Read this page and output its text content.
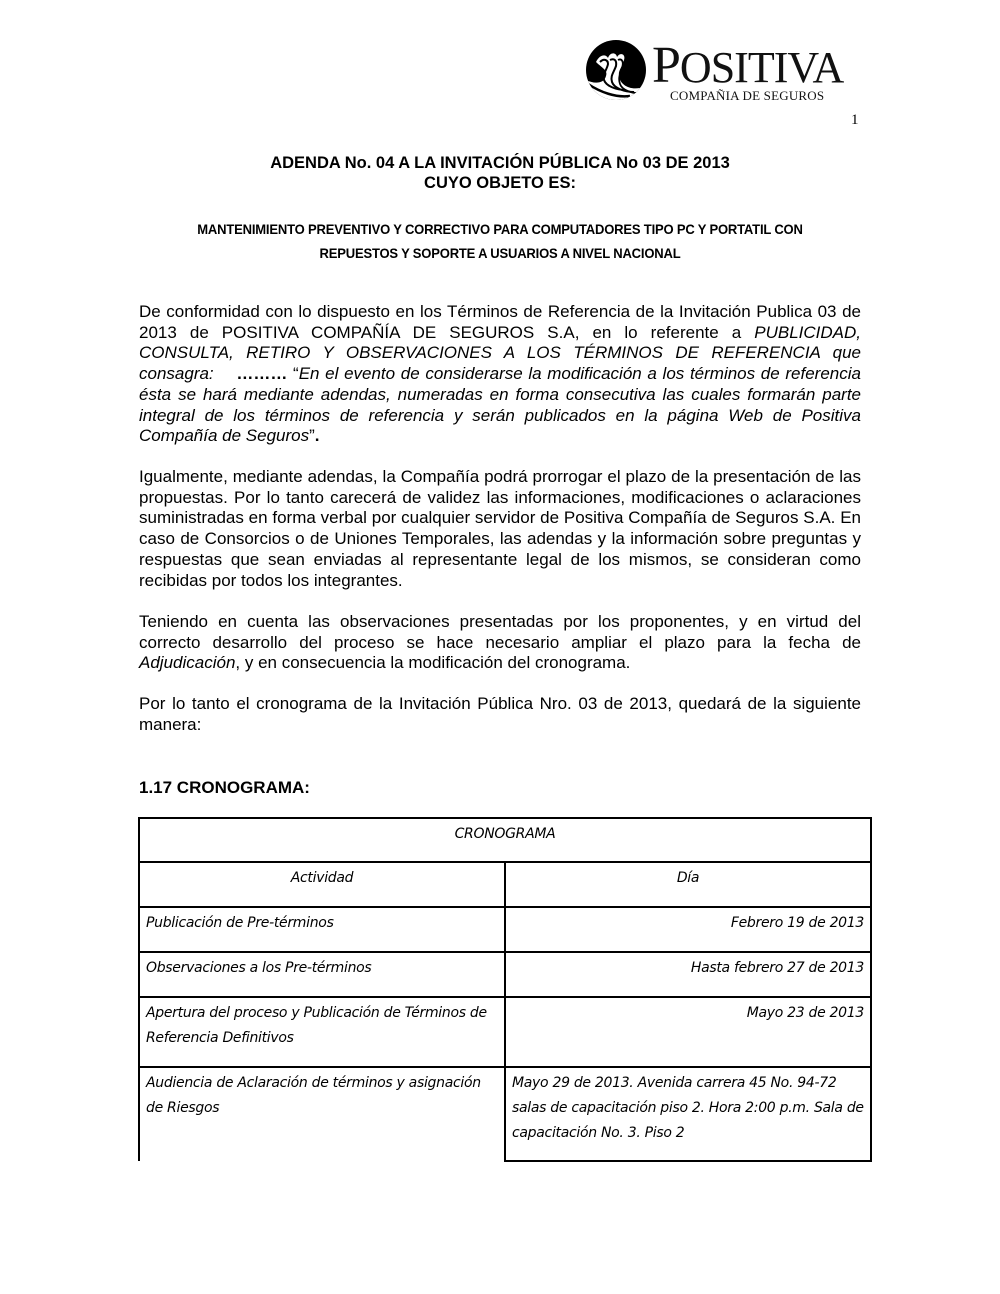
POSITIVA
COMPAÑIA DE SEGUROS
1
ADENDA No. 04 A LA INVITACIÓN PÚBLICA No 03 DE 2013
CUYO OBJETO ES:
MANTENIMIENTO PREVENTIVO Y CORRECTIVO PARA COMPUTADORES TIPO PC Y PORTATIL CON
REPUESTOS Y SOPORTE A USUARIOS A NIVEL NACIONAL
De conformidad con lo dispuesto en los Términos de Referencia de la Invitación Publica 03 de 2013 de POSITIVA COMPAÑÍA DE SEGUROS S.A, en lo referente a PUBLICIDAD, CONSULTA, RETIRO Y OBSERVACIONES A LOS TÉRMINOS DE REFERENCIA que consagra: ……… “En el evento de considerarse la modificación a los términos de referencia ésta se hará mediante adendas, numeradas en forma consecutiva las cuales formarán parte integral de los términos de referencia y serán publicados en la página Web de Positiva Compañía de Seguros”.
Igualmente, mediante adendas, la Compañía podrá prorrogar el plazo de la presentación de las propuestas. Por lo tanto carecerá de validez las informaciones, modificaciones o aclaraciones suministradas en forma verbal por cualquier servidor de Positiva Compañía de Seguros S.A. En caso de Consorcios o de Uniones Temporales, las adendas y la información sobre preguntas y respuestas que sean enviadas al representante legal de los mismos, se consideran como recibidas por todos los integrantes.
Teniendo en cuenta las observaciones presentadas por los proponentes, y en virtud del correcto desarrollo del proceso se hace necesario ampliar el plazo para la fecha de Adjudicación, y en consecuencia la modificación del cronograma.
Por lo tanto el cronograma de la Invitación Pública Nro. 03 de 2013, quedará de la siguiente manera:
1.17 CRONOGRAMA:
CRONOGRAMA	
Actividad	Día
Publicación de Pre-términos	Febrero 19 de 2013
Observaciones a los Pre-términos	Hasta febrero 27 de 2013
Apertura del proceso y Publicación de Términos de Referencia Definitivos	Mayo 23 de 2013
Audiencia de Aclaración de términos y asignación de Riesgos	Mayo 29 de 2013. Avenida carrera 45 No. 94-72 salas de capacitación piso 2. Hora 2:00 p.m. Sala de capacitación No. 3. Piso 2
